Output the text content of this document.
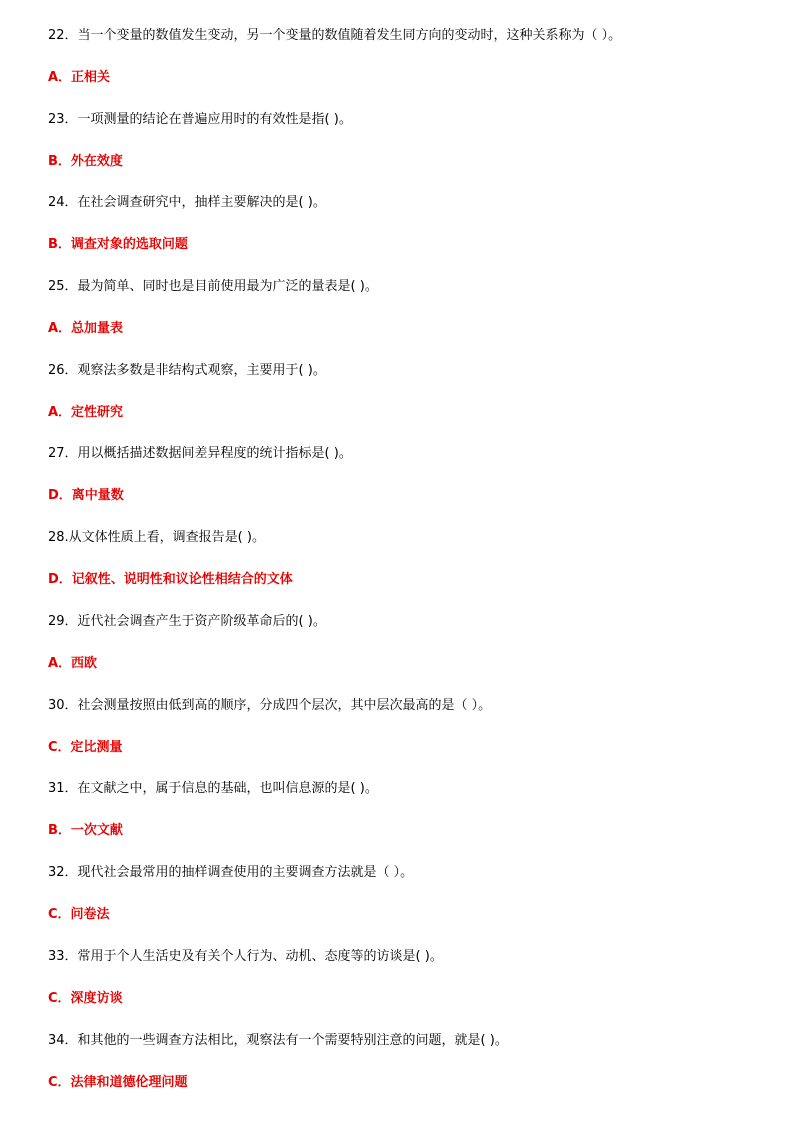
22．当一个变量的数值发生变动，另一个变量的数值随着发生同方向的变动时，这种关系称为（ ）。
A．正相关
23．一项测量的结论在普遍应用时的有效性是指( )。
B．外在效度
24．在社会调查研究中，抽样主要解决的是( )。
B．调查对象的选取问题
25．最为简单、同时也是目前使用最为广泛的量表是( )。
A．总加量表
26．观察法多数是非结构式观察，主要用于( )。
A．定性研究
27．用以概括描述数据间差异程度的统计指标是( )。
D．离中量数
28.从文体性质上看，调查报告是( )。
D．记叙性、说明性和议论性相结合的文体
29．近代社会调查产生于资产阶级革命后的( )。
A．西欧
30．社会测量按照由低到高的顺序，分成四个层次，其中层次最高的是（ ）。
C．定比测量
31．在文献之中，属于信息的基础，也叫信息源的是( )。
B．一次文献
32．现代社会最常用的抽样调查使用的主要调查方法就是（ ）。
C．问卷法
33．常用于个人生活史及有关个人行为、动机、态度等的访谈是( )。
C．深度访谈
34．和其他的一些调查方法相比，观察法有一个需要特别注意的问题，就是( )。
C．法律和道德伦理问题
